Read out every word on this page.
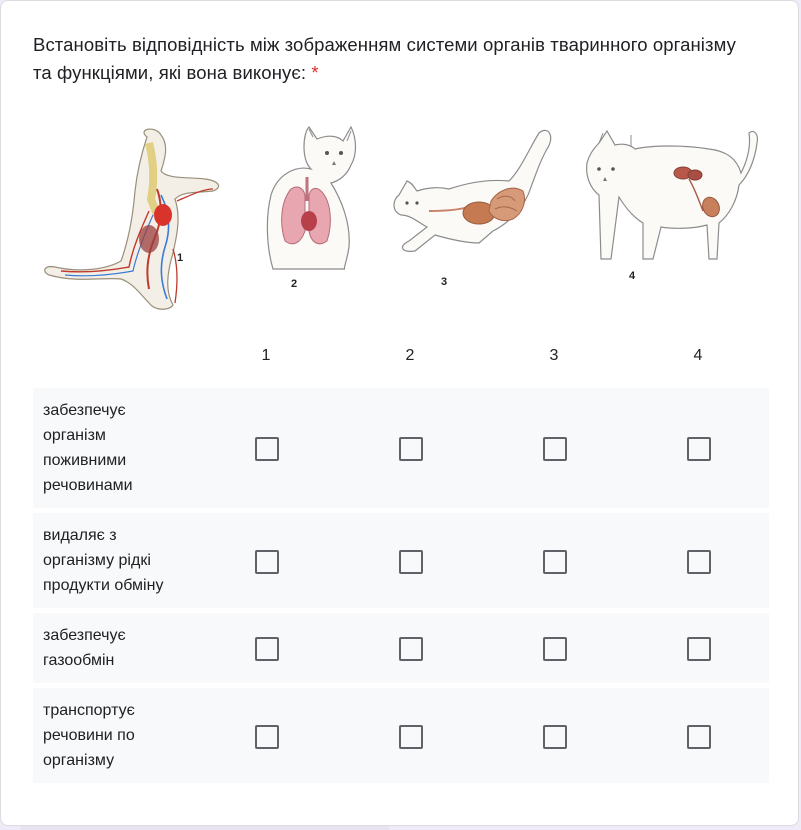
Встановіть відповідність між зображенням системи органів тваринного організму та функціями, які вона виконує: *
1
2	3	4
1	2	3	4
забезпечує організм поживними речовинами
видаляє з організму рідкі продукти обміну
забезпечує газообмін
транспортує речовини по організму
